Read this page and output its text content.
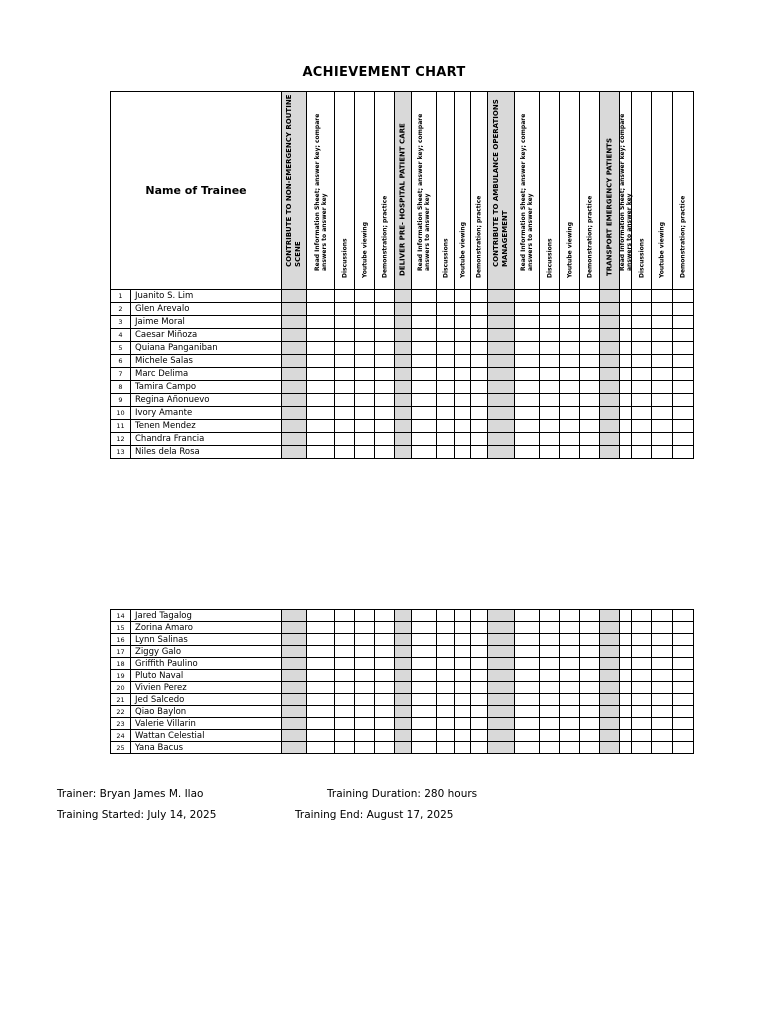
ACHIEVEMENT CHART
Name of Trainee		CONTRIBUTE TO NON-EMERGENCY ROUTINE SCENE	Read Information Sheet; answer key; compare answers to answer key	Discussions	Youtube viewing	Demonstration; practice	DELIVER PRE- HOSPITAL PATIENT CARE	Read Information Sheet; answer key; compare answers to answer key	Discussions	Youtube viewing	Demonstration; practice	CONTRIBUTE TO AMBULANCE OPERATIONS MANAGEMENT	Read Information Sheet; answer key; compare answers to answer key	Discussions	Youtube viewing	Demonstration; practice	TRANSPORT EMERGENCY PATIENTS	Read Information Sheet; answer key; compare answers to answer key	Discussions	Youtube viewing	Demonstration; practice

1	Juanito S. Lim																				
2	Glen Arevalo																				
3	Jaime Moral																				
4	Caesar Miñoza																				
5	Quiana Panganiban																				
6	Michele Salas																				
7	Marc Delima																				
8	Tamira Campo																				
9	Regina Añonuevo																				
10	Ivory Amante																				
11	Tenen Mendez																				
12	Chandra Francia																				
13	Niles dela Rosa																				
14	Jared Tagalog																				
15	Zorina Amaro																				
16	Lynn Salinas																				
17	Ziggy Galo																				
18	Griffith Paulino																				
19	Pluto Naval																				
20	Vivien Perez																				
21	Jed Salcedo																				
22	Qiao Baylon																				
23	Valerie Villarin																				
24	Wattan Celestial																				
25	Yana Bacus																				
Trainer: Bryan James M. Ilao	Training Duration: 280 hours
Training Started: July 14, 2025	Training End: August 17, 2025
